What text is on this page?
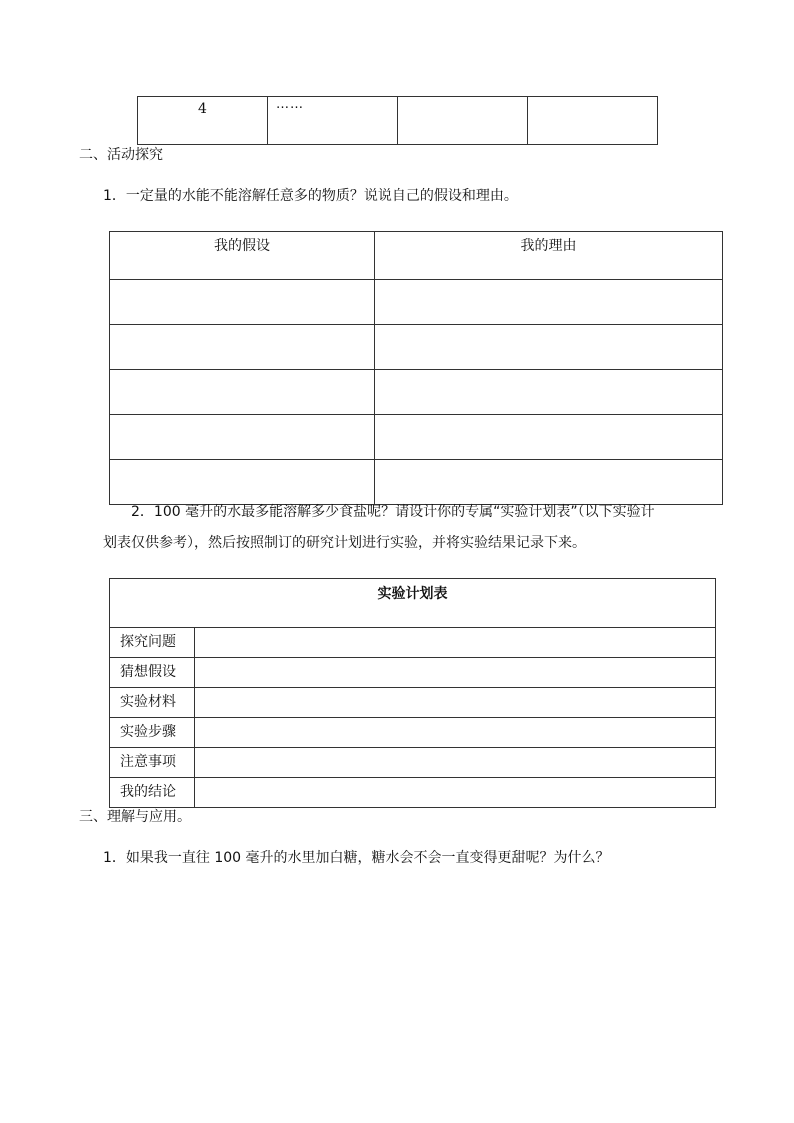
4	……		
二、活动探究
1．一定量的水能不能溶解任意多的物质？说说自己的假设和理由。
我的假设	我的理由

2．100 毫升的水最多能溶解多少食盐呢？请设计你的专属“实验计划表”（以下实验计
划表仅供参考），然后按照制订的研究计划进行实验，并将实验结果记录下来。
实验计划表	
探究问题	
猜想假设	
实验材料	
实验步骤	
注意事项	
我的结论	
三、理解与应用。
1．如果我一直往 100 毫升的水里加白糖，糖水会不会一直变得更甜呢？为什么？
